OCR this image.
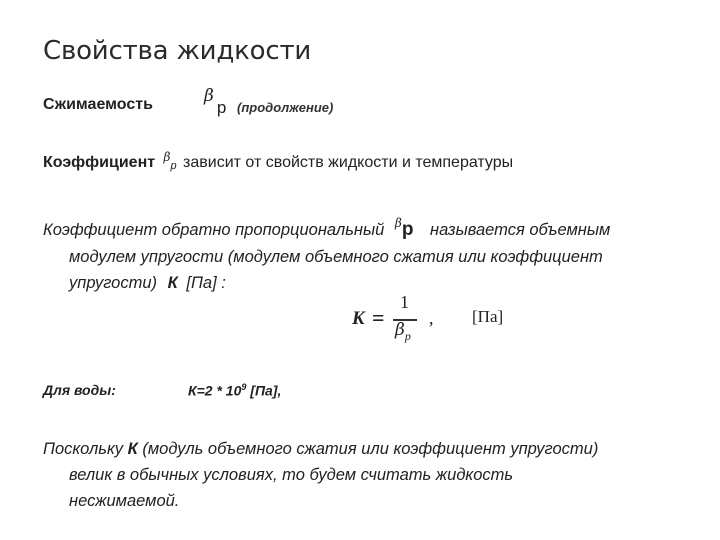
Свойства жидкости
Сжимаемость	β p (продолжение)
Коэффициент $\beta_p$ зависит от свойств жидкости и температуры
Коэффициент обратно пропорциональный $^\beta$p называется объемным
модулем упругости (модулем объемного сжатия или коэффициент
упругости) К [Па] :
K =
1
$\beta_p$
, [Па]
Для воды:	$К=2 * 10^9$ [Па],
Поскольку К (модуль объемного сжатия или коэффициент упругости)
велик в обычных условиях, то будем считать жидкость
несжимаемой.
